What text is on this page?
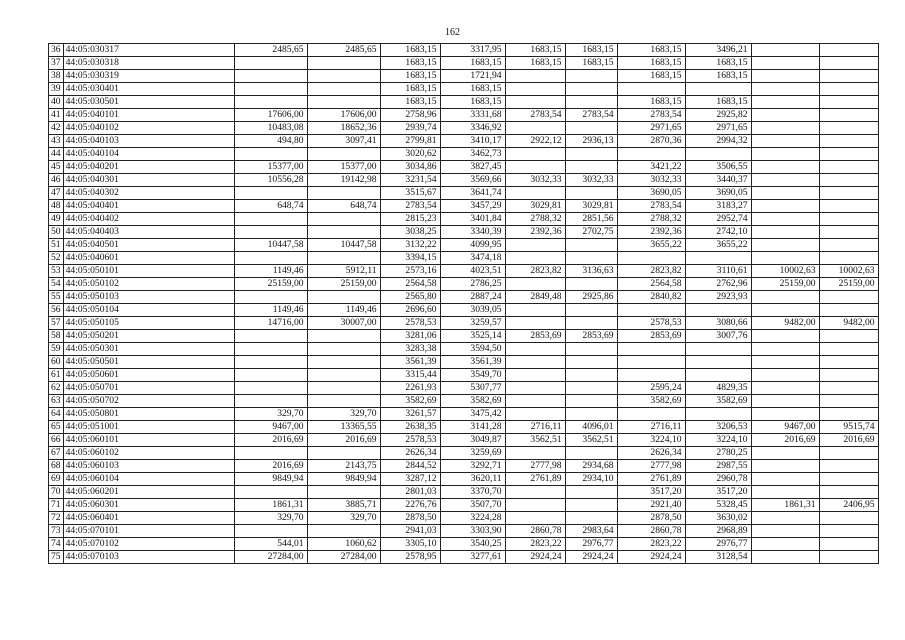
162
36	44:05:030317	2485,65	2485,65	1683,15	3317,95	1683,15	1683,15	1683,15	3496,21		
37	44:05:030318			1683,15	1683,15	1683,15	1683,15	1683,15	1683,15		
38	44:05:030319			1683,15	1721,94			1683,15	1683,15		
39	44:05:030401			1683,15	1683,15						
40	44:05:030501			1683,15	1683,15			1683,15	1683,15		
41	44:05:040101	17606,00	17606,00	2758,96	3331,68	2783,54	2783,54	2783,54	2925,82		
42	44:05:040102	10483,08	18652,36	2939,74	3346,92			2971,65	2971,65		
43	44:05:040103	494,80	3097,41	2799,81	3410,17	2922,12	2936,13	2870,36	2994,32		
44	44:05:040104			3020,62	3462,73						
45	44:05:040201	15377,00	15377,00	3034,86	3827,45			3421,22	3506,55		
46	44:05:040301	10556,28	19142,98	3231,54	3569,66	3032,33	3032,33	3032,33	3440,37		
47	44:05:040302			3515,67	3641,74			3690,05	3690,05		
48	44:05:040401	648,74	648,74	2783,54	3457,29	3029,81	3029,81	2783,54	3183,27		
49	44:05:040402			2815,23	3401,84	2788,32	2851,56	2788,32	2952,74		
50	44:05:040403			3038,25	3340,39	2392,36	2702,75	2392,36	2742,10		
51	44:05:040501	10447,58	10447,58	3132,22	4099,95			3655,22	3655,22		
52	44:05:040601			3394,15	3474,18						
53	44:05:050101	1149,46	5912,11	2573,16	4023,51	2823,82	3136,63	2823,82	3110,61	10002,63	10002,63
54	44:05:050102	25159,00	25159,00	2564,58	2786,25			2564,58	2762,96	25159,00	25159,00
55	44:05:050103			2565,80	2887,24	2849,48	2925,86	2840,82	2923,93		
56	44:05:050104	1149,46	1149,46	2696,60	3039,05						
57	44:05:050105	14716,00	30007,00	2578,53	3259,57			2578,53	3080,66	9482,00	9482,00
58	44:05:050201			3281,06	3525,14	2853,69	2853,69	2853,69	3007,76		
59	44:05:050301			3283,38	3594,50						
60	44:05:050501			3561,39	3561,39						
61	44:05:050601			3315,44	3549,70						
62	44:05:050701			2261,93	5307,77			2595,24	4829,35		
63	44:05:050702			3582,69	3582,69			3582,69	3582,69		
64	44:05:050801	329,70	329,70	3261,57	3475,42						
65	44:05:051001	9467,00	13365,55	2638,35	3141,28	2716,11	4096,01	2716,11	3206,53	9467,00	9515,74
66	44:05:060101	2016,69	2016,69	2578,53	3049,87	3562,51	3562,51	3224,10	3224,10	2016,69	2016,69
67	44:05:060102			2626,34	3259,69			2626,34	2780,25		
68	44:05:060103	2016,69	2143,75	2844,52	3292,71	2777,98	2934,68	2777,98	2987,55		
69	44:05:060104	9849,94	9849,94	3287,12	3620,11	2761,89	2934,10	2761,89	2960,78		
70	44:05:060201			2801,03	3370,70			3517,20	3517,20		
71	44:05:060301	1861,31	3885,71	2276,76	3507,70			2921,40	5328,45	1861,31	2406,95
72	44:05:060401	329,70	329,70	2878,50	3224,28			2878,50	3630,02		
73	44:05:070101			2941,03	3303,90	2860,78	2983,64	2860,78	2968,89		
74	44:05:070102	544,01	1060,62	3305,10	3540,25	2823,22	2976,77	2823,22	2976,77		
75	44:05:070103	27284,00	27284,00	2578,95	3277,61	2924,24	2924,24	2924,24	3128,54		
